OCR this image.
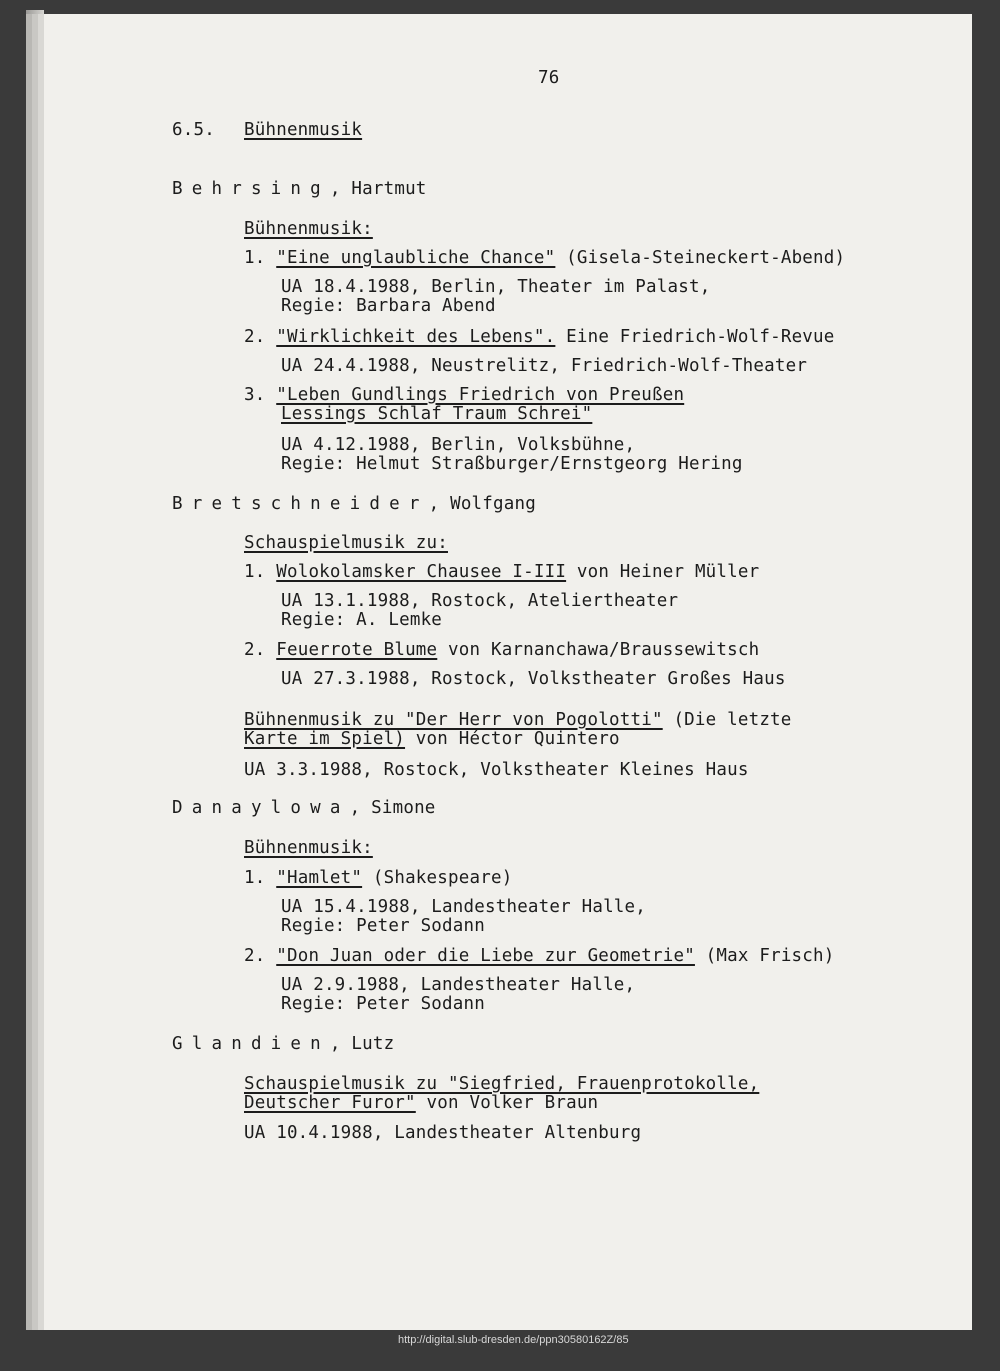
76
6.5. Bühnenmusik
Behrsing, Hartmut
Bühnenmusik:
1. "Eine unglaubliche Chance" (Gisela-Steineckert-Abend)
UA 18.4.1988, Berlin, Theater im Palast,
Regie: Barbara Abend
2. "Wirklichkeit des Lebens". Eine Friedrich-Wolf-Revue
UA 24.4.1988, Neustrelitz, Friedrich-Wolf-Theater
3. "Leben Gundlings Friedrich von Preußen
Lessings Schlaf Traum Schrei"
UA 4.12.1988, Berlin, Volksbühne,
Regie: Helmut Straßburger/Ernstgeorg Hering
Bretschneider, Wolfgang
Schauspielmusik zu:
1. Wolokolamsker Chausee I-III von Heiner Müller
UA 13.1.1988, Rostock, Ateliertheater
Regie: A. Lemke
2. Feuerrote Blume von Karnanchawa/Braussewitsch
UA 27.3.1988, Rostock, Volkstheater Großes Haus
Bühnenmusik zu "Der Herr von Pogolotti" (Die letzte
Karte im Spiel) von Héctor Quintero
UA 3.3.1988, Rostock, Volkstheater Kleines Haus
Danaylowa, Simone
Bühnenmusik:
1. "Hamlet" (Shakespeare)
UA 15.4.1988, Landestheater Halle,
Regie: Peter Sodann
2. "Don Juan oder die Liebe zur Geometrie" (Max Frisch)
UA 2.9.1988, Landestheater Halle,
Regie: Peter Sodann
Glandien, Lutz
Schauspielmusik zu "Siegfried, Frauenprotokolle,
Deutscher Furor" von Volker Braun
UA 10.4.1988, Landestheater Altenburg
http://digital.slub-dresden.de/ppn30580162Z/85
